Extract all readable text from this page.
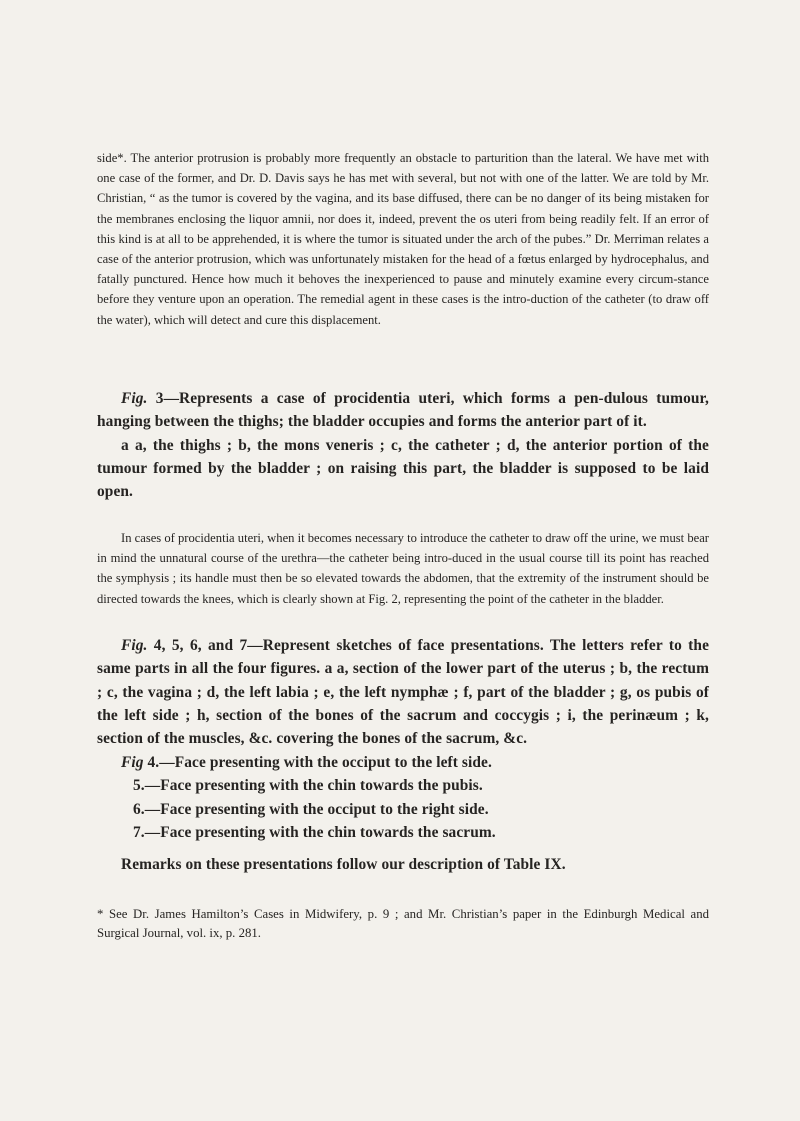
side*. The anterior protrusion is probably more frequently an obstacle to parturition than the lateral. We have met with one case of the former, and Dr. D. Davis says he has met with several, but not with one of the latter. We are told by Mr. Christian, “ as the tumor is covered by the vagina, and its base diffused, there can be no danger of its being mistaken for the membranes enclosing the liquor amnii, nor does it, indeed, prevent the os uteri from being readily felt. If an error of this kind is at all to be apprehended, it is where the tumor is situated under the arch of the pubes.” Dr. Merriman relates a case of the anterior protrusion, which was unfortunately mistaken for the head of a fœtus enlarged by hydrocephalus, and fatally punctured. Hence how much it behoves the inexperienced to pause and minutely examine every circum-stance before they venture upon an operation. The remedial agent in these cases is the intro-duction of the catheter (to draw off the water), which will detect and cure this displacement.

Fig. 3—Represents a case of procidentia uteri, which forms a pen-dulous tumour, hanging between the thighs; the bladder occupies and forms the anterior part of it.

a a, the thighs ; b, the mons veneris ; c, the catheter ; d, the anterior portion of the tumour formed by the bladder ; on raising this part, the bladder is supposed to be laid open.

In cases of procidentia uteri, when it becomes necessary to introduce the catheter to draw off the urine, we must bear in mind the unnatural course of the urethra—the catheter being intro-duced in the usual course till its point has reached the symphysis ; its handle must then be so elevated towards the abdomen, that the extremity of the instrument should be directed towards the knees, which is clearly shown at Fig. 2, representing the point of the catheter in the bladder.

Fig. 4, 5, 6, and 7—Represent sketches of face presentations. The letters refer to the same parts in all the four figures. a a, section of the lower part of the uterus ; b, the rectum ; c, the vagina ; d, the left labia ; e, the left nymphæ ; f, part of the bladder ; g, os pubis of the left side ; h, section of the bones of the sacrum and coccygis ; i, the perinæum ; k, section of the muscles, &c. covering the bones of the sacrum, &c.

Fig 4.—Face presenting with the occiput to the left side.

5.—Face presenting with the chin towards the pubis.

6.—Face presenting with the occiput to the right side.

7.—Face presenting with the chin towards the sacrum.

Remarks on these presentations follow our description of Table IX.

* See Dr. James Hamilton’s Cases in Midwifery, p. 9 ; and Mr. Christian’s paper in the Edinburgh Medical and Surgical Journal, vol. ix, p. 281.
